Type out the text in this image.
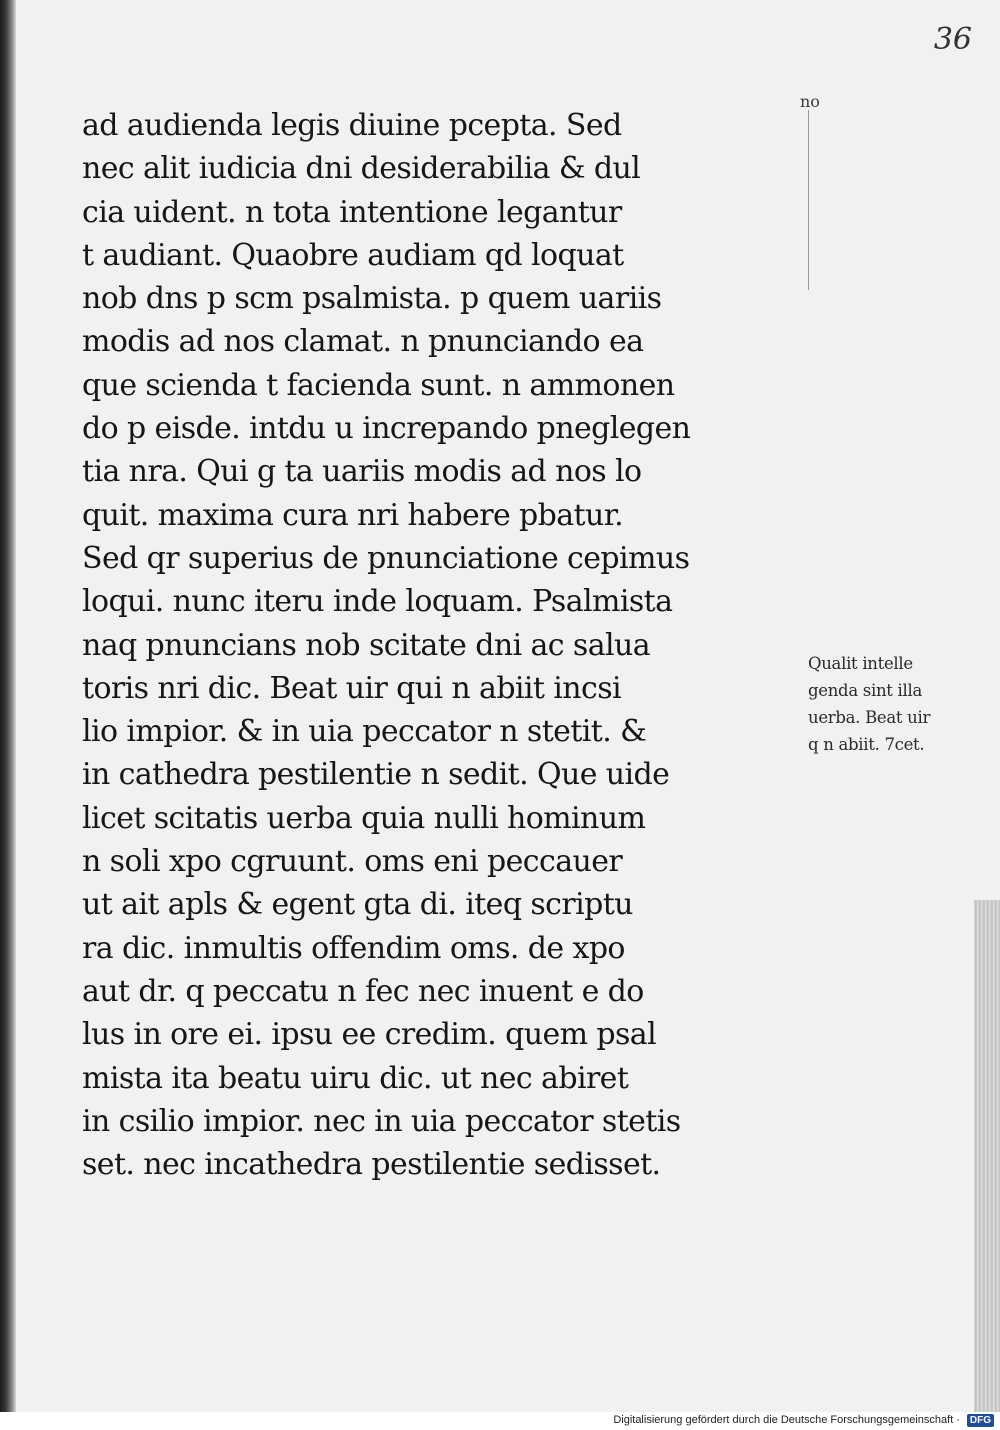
36
no
ad audienda legis diuine pcepta. Sed
nec alit iudicia dni desiderabilia & dul
cia uident. n tota intentione legantur
t audiant. Quaobre audiam qd loquat
nob dns p scm psalmista. p quem uariis
modis ad nos clamat. n pnunciando ea
que scienda t facienda sunt. n ammonen
do p eisde. intdu u increpando pneglegen
tia nra. Qui g ta uariis modis ad nos lo
quit. maxima cura nri habere pbatur.
Sed qr superius de pnunciatione cepimus
loqui. nunc iteru inde loquam. Psalmista
naq pnuncians nob scitate dni ac salua
toris nri dic. Beat uir qui n abiit incsi
lio impior. & in uia peccator n stetit. &
in cathedra pestilentie n sedit. Que uide
licet scitatis uerba quia nulli hominum
n soli xpo cgruunt. oms eni peccauer
ut ait apls & egent gta di. iteq scriptu
ra dic. inmultis offendim oms. de xpo
aut dr. q peccatu n fec nec inuent e do
lus in ore ei. ipsu ee credim. quem psal
mista ita beatu uiru dic. ut nec abiret
in csilio impior. nec in uia peccator stetis
set. nec incathedra pestilentie sedisset.
Qualit intelle
genda sint illa
uerba. Beat uir
q n abiit. 7cet.
Digitalisierung gefördert durch die Deutsche Forschungsgemeinschaft · DFG
